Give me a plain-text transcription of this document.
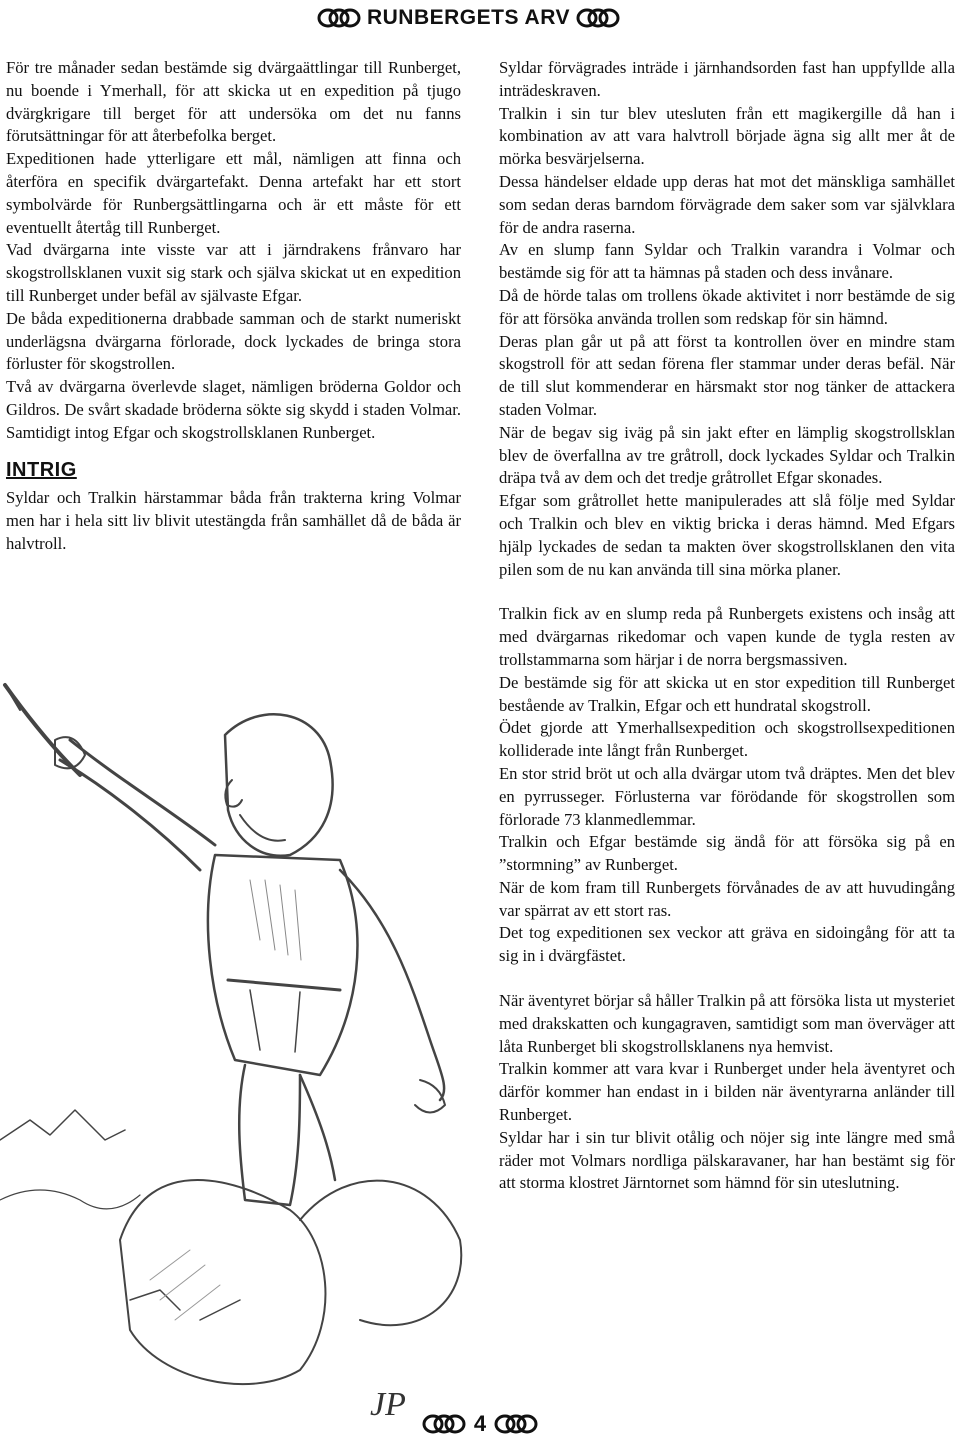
RUNBERGETS ARV

För tre månader sedan bestämde sig dvärgaättlingar till Runberget, nu boende i Ymerhall, för att skicka ut en expedition på tjugo dvärgkrigare till berget för att undersöka om det nu fanns förutsättningar för att återbefolka berget.

Expeditionen hade ytterligare ett mål, nämligen att finna och återföra en specifik dvärgartefakt. Denna artefakt har ett stort symbolvärde för Runbergsättlingarna och är ett måste för ett eventuellt återtåg till Runberget.

Vad dvärgarna inte visste var att i järndrakens frånvaro har skogstrollsklanen vuxit sig stark och själva skickat ut en expedition till Runberget under befäl av självaste Efgar.

De båda expeditionerna drabbade samman och de starkt numeriskt underlägsna dvärgarna förlorade, dock lyckades de bringa stora förluster för skogstrollen.

Två av dvärgarna överlevde slaget, nämligen bröderna Goldor och Gildros. De svårt skadade bröderna sökte sig skydd i staden Volmar. Samtidigt intog Efgar och skogstrollsklanen Runberget.

INTRIG

Syldar och Tralkin härstammar båda från trakterna kring Volmar men har i hela sitt liv blivit utestängda från samhället då de båda är halvtroll.

JP

Syldar förvägrades inträde i järnhandsorden fast han uppfyllde alla inträdeskraven.

Tralkin i sin tur blev utesluten från ett magikergille då han i kombination av att vara halvtroll började ägna sig allt mer åt de mörka besvärjelserna.

Dessa händelser eldade upp deras hat mot det mänskliga samhället som sedan deras barndom förvägrade dem saker som var självklara för de andra raserna.

Av en slump fann Syldar och Tralkin varandra i Volmar och bestämde sig för att ta hämnas på staden och dess invånare.

Då de hörde talas om trollens ökade aktivitet i norr bestämde de sig för att försöka använda trollen som redskap för sin hämnd.

Deras plan går ut på att först ta kontrollen över en mindre stam skogstroll för att sedan förena fler stammar under deras befäl. När de till slut kommenderar en härsmakt stor nog tänker de attackera staden Volmar.

När de begav sig iväg på sin jakt efter en lämplig skogstrollsklan blev de överfallna av tre gråtroll, dock lyckades Syldar och Tralkin dräpa två av dem och det tredje gråtrollet Efgar skonades.

Efgar som gråtrollet hette manipulerades att slå följe med Syldar och Tralkin och blev en viktig bricka i deras hämnd. Med Efgars hjälp lyckades de sedan ta makten över skogstrollsklanen den vita pilen som de nu kan använda till sina mörka planer.

Tralkin fick av en slump reda på Runbergets existens och insåg att med dvärgarnas rikedomar och vapen kunde de tygla resten av trollstammarna som härjar i de norra bergsmassiven.

De bestämde sig för att skicka ut en stor expedition till Runberget bestående av Tralkin, Efgar och ett hundratal skogstroll.

Ödet gjorde att Ymerhallsexpedition och skogstrollsexpeditionen kolliderade inte långt från Runberget.

En stor strid bröt ut och alla dvärgar utom två dräptes. Men det blev en pyrrusseger. Förlusterna var förödande för skogstrollen som förlorade 73 klanmedlemmar.

Tralkin och Efgar bestämde sig ändå för att försöka sig på en ”stormning” av Runberget.

När de kom fram till Runbergets förvånades de av att huvudingång var spärrat av ett stort ras.

Det tog expeditionen sex veckor att gräva en sidoingång för att ta sig in i dvärgfästet.

När äventyret börjar så håller Tralkin på att försöka lista ut mysteriet med drakskatten och kungagraven, samtidigt som man överväger att låta Runberget bli skogstrollsklanens nya hemvist.

Tralkin kommer att vara kvar i Runberget under hela äventyret och därför kommer han endast in i bilden när äventyrarna anländer till Runberget.

Syldar har i sin tur blivit otålig och nöjer sig inte längre med små räder mot Volmars nordliga pälskaravaner, har han bestämt sig för att storma klostret Järntornet som hämnd för sin uteslutning.

4
